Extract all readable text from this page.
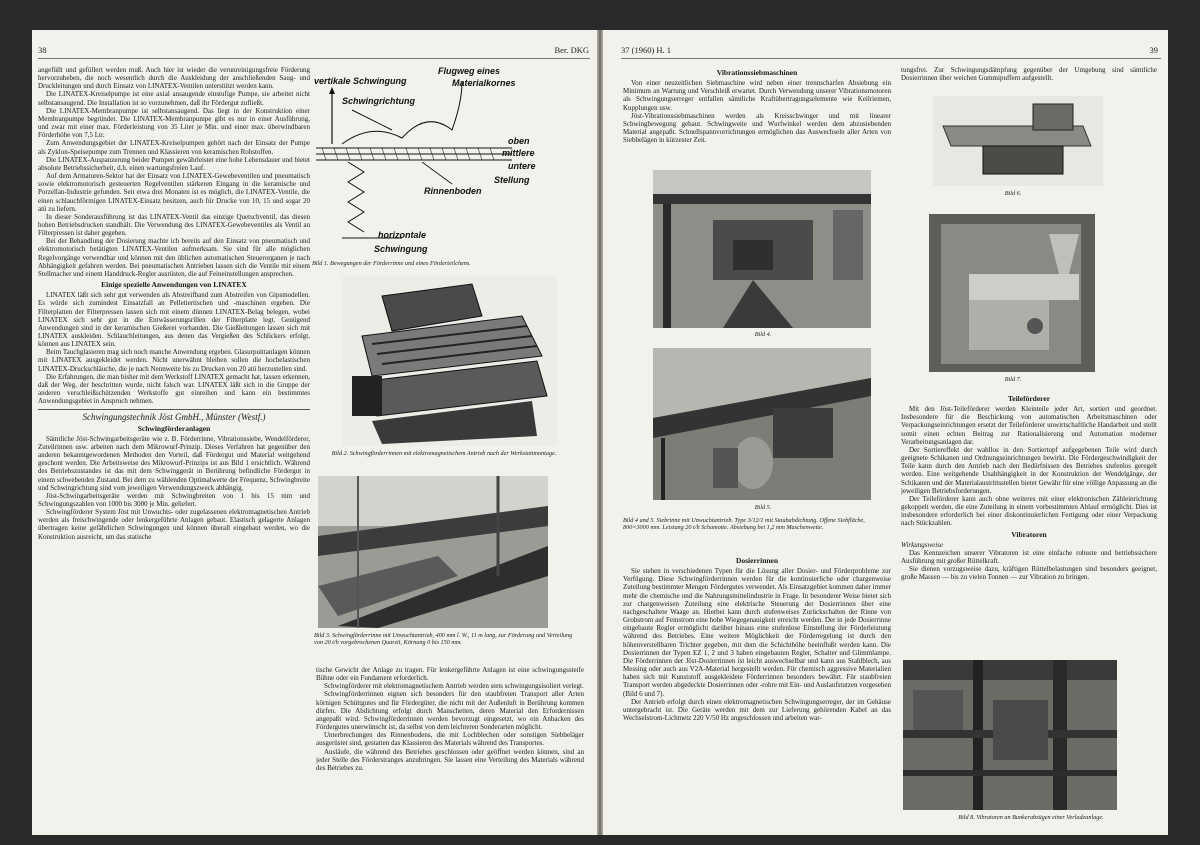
38	Ber. DKG

angefüllt und gefüllert werden muß. Auch hier ist wieder die verunreinigungsfreie Förderung hervorzuheben, die noch wesentlich durch die Auskleidung der anschließenden Saug- und Druckleitungen und durch Einsatz von LINATEX-Ventilen unterstützt werden kann.

Die LINATEX-Kreiselpumpe ist eine axial ansaugende einstufige Pumpe, sie arbeitet nicht selbstansaugend. Die Installation ist so vorzunehmen, daß ihr Fördergut zufließt.

Die LINATEX-Membranpumpe ist selbstansaugend. Das liegt in der Konstruktion einer Membranpumpe begründet. Die LINATEX-Membranpumpe gibt es nur in einer Ausführung, und zwar mit einer max. Förderleistung von 35 Liter je Min. und einer max. überwindbaren Förderhöhe von 7,5 Ltr.

Zum Anwendungsgebiet der LINATEX-Kreiselpumpen gehört nach der Einsatz der Pumpe als Zyklon-Speisepumpe zum Trennen und Klassieren von keramischen Rohstoffen.

Die LINATEX-Auspanzerung beider Pumpen gewährleistet eine hohe Lebensdauer und bietet absolute Betriebssicherheit, d.h. einen wartungsfreien Lauf.

Auf dem Armaturen-Sektor hat der Einsatz von LINATEX-Gewebeventilen und pneumatisch sowie elektromotorisch gesteuerten Regelventilen stärkeren Eingang in die keramische und Porzellan-Industrie gefunden. Seit etwa drei Monaten ist es möglich, die LINATEX-Ventile, die einen schlauchförmigen LINATEX-Einsatz besitzen, auch für Drucke von 10, 15 und sogar 20 atü zu liefern.

In dieser Sonderausführung ist das LINATEX-Ventil das einzige Quetschventil, das diesen hohen Betriebsdrucken standhält. Die Verwendung des LINATEX-Gewebeventiles als Ventil an Filterpressen ist daher gegeben.

Bei der Behandlung der Dosierung machte ich bereits auf den Einsatz von pneumatisch und elektromotorisch betätigten LINATEX-Ventilen aufmerksam. Sie sind für alle möglichen Regelvorgänge verwendbar und können mit den üblichen automatischen Steuerorganen je nach Abhängigkeit gefahren werden. Bei pneumatischen Antrieben lassen sich die Ventile mit einem Stellmacher und einem Handdruck-Regler ausrüsten, die auf Feineinstellungen ansprechen.

Einige spezielle Anwendungen von LINATEX

LINATEX läßt sich sehr gut verwenden als Abstreifband zum Abstreifen von Gipsmodellen. Es würde sich zumindest Einsatzfall an Pelletiertischen und -maschinen ergeben. Die Filterplatten der Filterpressen lassen sich mit einem dünnen LINATEX-Belag belegen, wobei LINATEX sich sehr gut in die Entwässerungsrillen der Filterplatte legt. Genügend Anwendungen sind in der keramischen Gießerei vorhanden. Die Gießleitungen lassen sich mit LINATEX auskleiden. Schlauchleitungen, aus denen das Vergießen des Schlickers erfolgt, können aus LINATEX sein.

Beim Tauchglasieren mag sich noch manche Anwendung ergeben. Glasurpuittanlagen können mit LINATEX ausgekleidet werden. Nicht unerwähnt bleiben sollen die hochelastischen LINATEX-Druckschläuche, die je nach Nennweite bis zu Drucken von 20 atü herzustellen sind.

Die Erfahrungen, die man bisher mit dem Werkstoff LINATEX gemacht hat, lassen erkennen, daß der Weg, der beschritten wurde, nicht falsch war. LINATEX läßt sich in die Gruppe der anderen verschleißschützenden Werkstoffe gut einreihen und kann ein bestimmtes Anwendungsgebiet in Anspruch nehmen.

Schwingungstechnik Jöst GmbH., Münster (Westf.)
Schwingförderanlagen

Sämtliche Jöst-Schwingarbeitsgeräte wie z. B. Förderrinne, Vibrationssiebe, Wendelförderer, Zuteilrinnen usw. arbeiten nach dem Mikrowurf-Prinzip. Dieses Verfahren hat gegenüber den anderen bekanntgewordenen Methoden den Vorteil, daß Fördergut und Material weitgehend geschont werden. Die Arbeitsweise des Mikrowurf-Prinzips ist aus Bild 1 ersichtlich. Während des Betriebszustandes ist das mit dem Schwinggerät in Berührung befindliche Fördergut in einem schwebenden Zustand. Bei dem zu wählenden Optimalwerte der Frequenz, Schwingbreite und Schwingrichtung sind vom jeweiligen Verwendungszweck abhängig.

Jöst-Schwingarbeitsgeräte werden mit Schwingbreiten von 1 bis 15 mm und Schwingungszahlen von 1000 bis 3000 je Min. geliefert.

Schwingförderer System Jöst mit Unwuchts- oder zugelassenen elektromagnetischen Antrieb werden als freischwingende oder lenkergeführte Anlagen gebaut. Elastisch gelagerte Anlagen übertragen keine gefährlichen Schwingungen und können überall eingebaut werden, wo die Konstruktion ausreicht, um das statische

Flugweg eines
Materialkornes
vertikale Schwingung
Schwingrichtung
oben
mittlere
untere
Stellung
Rinnenboden
horizontale
Schwingung
Bild 1. Bewegungen der Förderrinne und eines Förderteilchens.
Bild 2. Schwingförderrinnen mit elektromagnetischem Antrieb nach der Werkstattmontage.
Bild 3. Schwingförderrinne mit Unwuchtantrieb, 400 mm l. W., 11 m lang, zur Förderung und Verteilung von 20 t/h vorgebrochenen Quarzit, Körnung 0 bis 150 mm.

tische Gewicht der Anlage zu tragen. Für lenkergeführte Anlagen ist eine schwingungssteife Bühne oder ein Fundament erforderlich.

Schwingförderer mit elektromagnetischem Antrieb werden stets schwingungsisoliert verlegt.

Schwingförderrinnen eignen sich besonders für den staubfreien Transport aller Arten körnigen Schüttgutes und für Fördergüter, die nicht mit der Außenluft in Berührung kommen dürfen. Die Abdichtung erfolgt durch Manschetten, deren Material den Erfordernissen angepaßt wird. Schwingförderrinnen werden bevorzugt eingesetzt, wo ein Anbacken des Fördergutes unerwünscht ist, da selbst von dem leichteren Sonderarten möglicht.

Unterbrechungen des Rinnenbodens, die mit Lochblechen oder sonstigen Siebbeläger ausgerüstet sind, gestatten das Klassieren des Materials während des Transportes.

Ausläufe, die während des Betriebes geschlossen oder geöffnet werden können, sind an jeder Stelle des Förderstranges anzubringen. Sie lassen eine Verteilung des Materials während des Betriebes zu.

37 (1960) H. 1	39
Vibrationssiebmaschinen

Von einer neuzeitlichen Siebmaschine wird neben einer trennscharfen Absiebung ein Minimum an Wartung und Verschleiß erwartet. Durch Verwendung unserer Vibrationsmotoren als Schwingungserreger entfallen sämtliche Kraftübertragungselemente wie Keilriemen, Kupplungen usw.

Jöst-Vibrationssiebmaschinen werden als Kreisschwinger und mit linearer Schwingbewegung gebaut. Schwingweite und Wurfwinkel werden dem abzusiebenden Material angepaßt. Schnellspannvorrichtungen ermöglichen das Auswechseln aller Arten von Siebbelägen in kürzester Zeit.

Bild 4.
Bild 5.
Bild 4 und 5. Siebrinne mit Unwuchtantrieb. Type 3/12/1 mit Staubabdichtung. Offene Siebfläche, 800×3000 mm. Leistung 20 t/h Schamotte. Absiebung bei 1,2 mm Maschenweite.
Dosierrinnen

Sie stehen in verschiedenen Typen für die Lösung aller Dosier- und Förderprobleme zur Verfügung. Diese Schwingförderrinnen werden für die kontinuierliche oder chargenweise Zuteilung bestimmter Mengen Fördergutes verwendet. Als Einsatzgebiet kommen daher immer mehr die chemische und die Nahrungsmittelindustrie in Frage. In besonderer Weise bietet sich zur chargenweisen Zuteilung eine elektrische Steuerung der Dosierrinnen über eine nachgeschaltete Waage an. Hierbei kann durch stufenweises Zurückschalten der Rinne von Grobstrom auf Feinstrom eine hohe Wiegegenauigkeit erreicht werden. Der in jede Dosierrinne eingebaute Regler ermöglicht darüber hinaus eine stufenlose Einstellung der Förderleistung während des Betriebes. Eine weitere Möglichkeit der Förderregelung ist durch den höhenverstellbaren Trichter gegeben, mit dem die Schichthöhe beeinflußt werden kann. Die Dosierrinnen der Typen EZ 1, 2 und 3 haben eingebauten Regler, Schalter und Glimmlampe. Die Förderrinnen der Jöst-Dosierrinnen ist leicht auswechselbar und kann aus Stahlblech, aus Messing oder auch aus V2A-Material hergestellt werden. Für chemisch aggressive Materialien haben sich mit Kunststoff ausgekleidete Förderrinnen besonders bewährt. Für staubfreien Transport werden abgedeckte Dosierrinnen oder -rohre mit Ein- und Auslaufstutzen vorgesehen (Bild 6 und 7).

Der Antrieb erfolgt durch einen elektromagnetischen Schwingungserreger, der im Gehäuse untergebracht ist. Die Geräte werden mit dem zur Lieferung gehörenden Kabel an das Wechselstrom-Lichtnetz 220 V/50 Hz angeschlossen und arbeiten war-

tungsfrei. Zur Schwingungsdämpfung gegenüber der Umgebung sind sämtliche Dosierrinnen über weichen Gummipuffern aufgestellt.

Bild 6.
Bild 7.
Teileförderer

Mit den Jöst-Teileförderer werden Kleinteile jeder Art, sortiert und geordnet. Insbesondere für die Beschickung von automatischen Arbeitsmaschinen oder Verpackungseinrichtungen ersetzt der Teileförderer unwirtschaftliche Handarbeit und stellt somit einen echten Beitrag zur Rationalisierung und Automation moderner Verarbeitungsanlagen dar.

Der Sortiereffekt der wahllos in den Sortiertopf aufgegebenen Teile wird durch geeignete Schikanen und Ordnungseinrichtungen bewirkt. Die Fördergeschwindigkeit der Teile kann durch den Antrieb nach den Bedürfnissen des Betriebes stufenlos geregelt werden. Eine weitgehende Unabhängigkeit in der Konstruktion der Wendelgänge, der Schikanen und der Materialaustrittsstellen bietet Gewähr für eine völlige Anpassung an die jeweiligen Betriebsforderungen.

Der Teileförderer kann auch ohne weiteres mit einer elektronischen Zähleinrichtung gekoppelt werden, die eine Zuteilung in einem vorbestimmten Ablauf ermöglicht. Dies ist insbesondere erforderlich bei einer diskontinuierlichen Fertigung oder einer Verpackung nach Stückzahlen.

Vibratoren
Wirkungsweise

Das Kennzeichen unserer Vibratoren ist eine einfache robuste und betriebssichere Ausführung mit großer Rüttelkraft.

Sie dienen vorzugsweise dazu, kräftigen Rüttelbelastungen sind besonders geeignet, große Massen — bis zu vielen Tonnen — zur Vibration zu bringen.

Bild 8. Vibratoren an Bunkerabzügen einer Verladeanlage.
